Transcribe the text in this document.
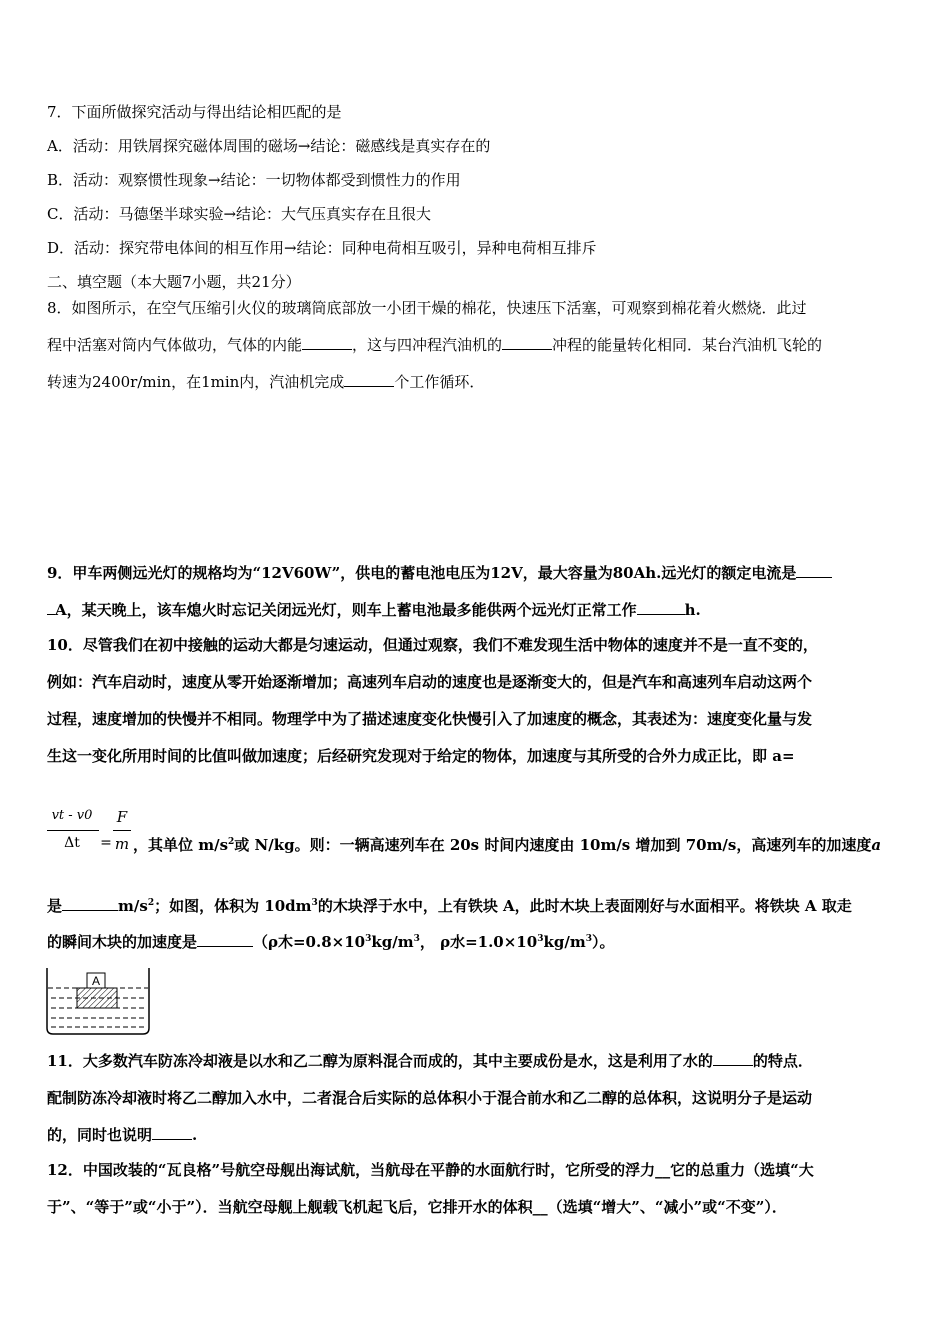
7．下面所做探究活动与得出结论相匹配的是
A．活动：用铁屑探究磁体周围的磁场→结论：磁感线是真实存在的
B．活动：观察惯性现象→结论：一切物体都受到惯性力的作用
C．活动：马德堡半球实验→结论：大气压真实存在且很大
D．活动：探究带电体间的相互作用→结论：同种电荷相互吸引，异种电荷相互排斥
二、填空题（本大题7小题，共21分）
8．如图所示，在空气压缩引火仪的玻璃筒底部放一小团干燥的棉花，快速压下活塞，可观察到棉花着火燃烧．此过
程中活塞对筒内气体做功，气体的内能	，这与四冲程汽油机的	冲程的能量转化相同．某台汽油机飞轮的
转速为2400r/min，在1min内，汽油机完成	个工作循环．
9．甲车两侧远光灯的规格均为“12V60W”，供电的蓄电池电压为12V，最大容量为80Ah.远光灯的额定电流是
A，某天晚上，该车熄火时忘记关闭远光灯，则车上蓄电池最多能供两个远光灯正常工作	h.
10．尽管我们在初中接触的运动大都是匀速运动，但通过观察，我们不难发现生活中物体的速度并不是一直不变的，
例如：汽车启动时，速度从零开始逐渐增加；高速列车启动的速度也是逐渐变大的，但是汽车和高速列车启动这两个
过程，速度增加的快慢并不相同。物理学中为了描述速度变化快慢引入了加速度的概念，其表述为：速度变化量与发
生这一变化所用时间的比值叫做加速度；后经研究发现对于给定的物体，加速度与其所受的合外力成正比，即 a=
vt - v0
Δt	=
F
m ，其单位 $m/s^2$或 N/kg。则：一辆高速列车在 20s 时间内速度由 10m/s 增加到 70m/s，高速列车的加速度a
是	$m/s^2$；如图，体积为 $10dm^3$的木块浮于水中，上有铁块 A，此时木块上表面刚好与水面相平。将铁块 A 取走
的瞬间木块的加速度是	（ρ木$=0.8\times 10^3kg/m^3$， ρ水$=1.0\times 10^3kg/m^3$）。
A
11．大多数汽车防冻冷却液是以水和乙二醇为原料混合而成的，其中主要成份是水，这是利用了水的	的特点．
配制防冻冷却液时将乙二醇加入水中，二者混合后实际的总体积小于混合前水和乙二醇的总体积，这说明分子是运动
的，同时也说明	.
12．中国改装的“瓦良格”号航空母舰出海试航，当航母在平静的水面航行时，它所受的浮力__它的总重力（选填“大
于”、“等于”或“小于”）．当航空母舰上舰载飞机起飞后，它排开水的体积__（选填“增大”、“减小”或“不变”）．
